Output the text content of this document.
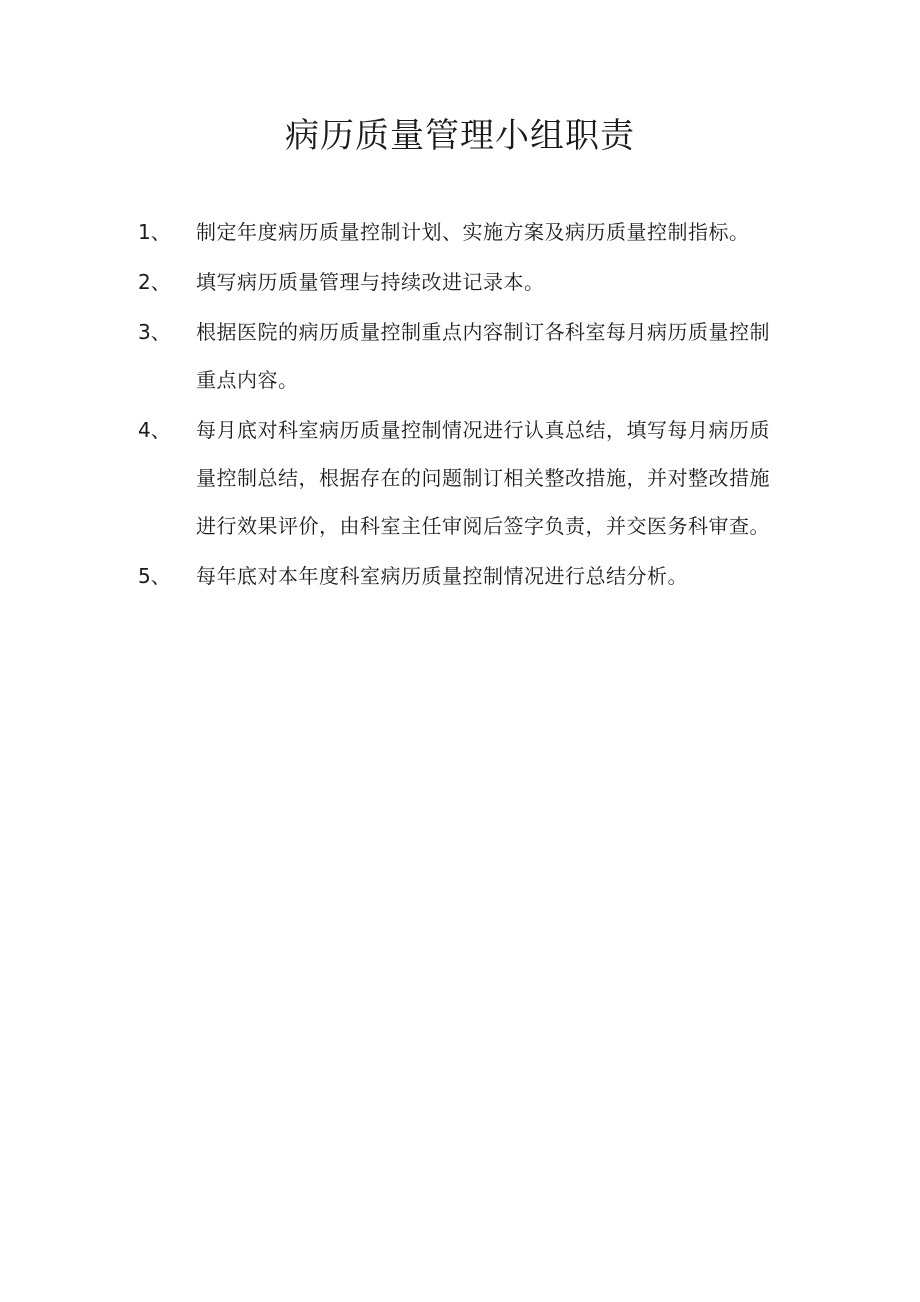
病历质量管理小组职责
1、	制定年度病历质量控制计划、实施方案及病历质量控制指标。
2、	填写病历质量管理与持续改进记录本。
3、	根据医院的病历质量控制重点内容制订各科室每月病历质量控制重点内容。
4、	每月底对科室病历质量控制情况进行认真总结，填写每月病历质量控制总结，根据存在的问题制订相关整改措施，并对整改措施进行效果评价，由科室主任审阅后签字负责，并交医务科审查。
5、	每年底对本年度科室病历质量控制情况进行总结分析。
